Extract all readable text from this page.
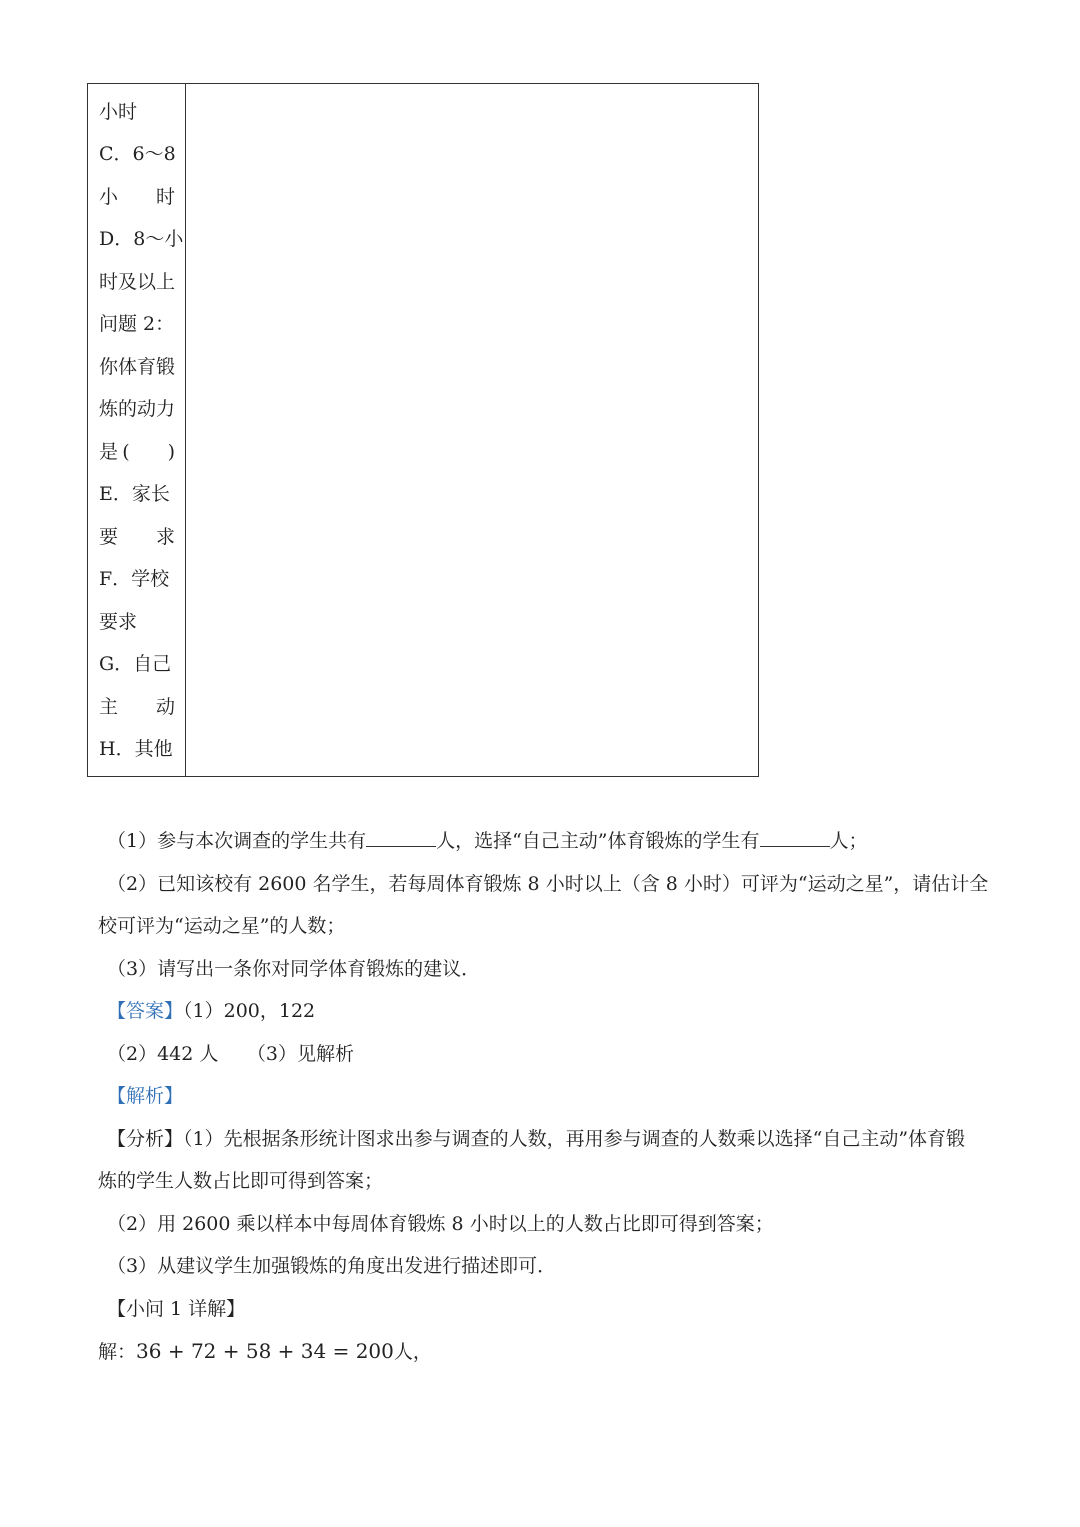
小时
C．6～8
小 时
D．8～小
时及以上
问题 2：
你体育锻
炼的动力
是(　 )
E．家长
要 求
F．学校
要求
G．自己
主 动
H．其他
（1）参与本次调查的学生共有	人，选择“自己主动”体育锻炼的学生有	人；
（2）已知该校有 2600 名学生，若每周体育锻炼 8 小时以上（含 8 小时）可评为“运动之星”，请估计全
校可评为“运动之星”的人数；
（3）请写出一条你对同学体育锻炼的建议．
【答案】（1）200，122
（2）442 人　　（3）见解析
【解析】
【分析】（1）先根据条形统计图求出参与调查的人数，再用参与调查的人数乘以选择“自己主动”体育锻
炼的学生人数占比即可得到答案；
（2）用 2600 乘以样本中每周体育锻炼 8 小时以上的人数占比即可得到答案；
（3）从建议学生加强锻炼的角度出发进行描述即可．
【小问 1 详解】
解：36 + 72 + 58 + 34 = 200人，
